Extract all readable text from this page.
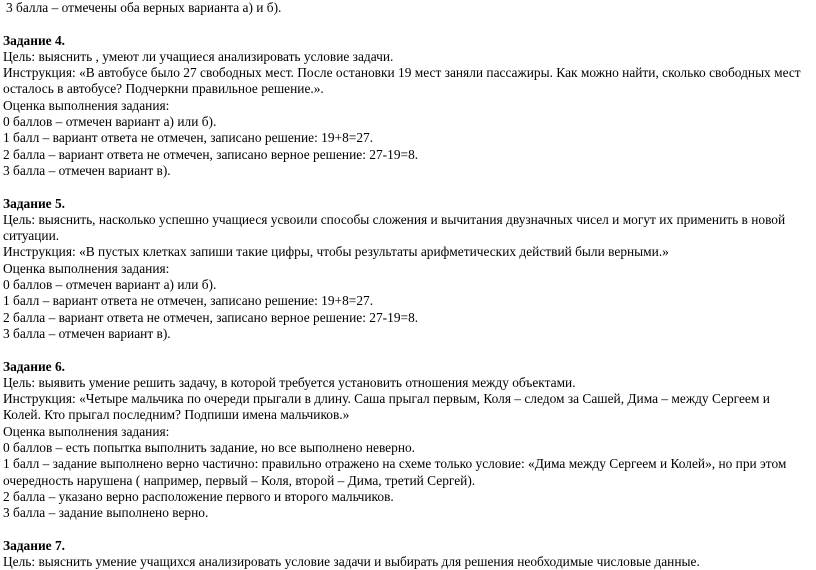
3 балла – отмечены оба верных варианта а) и б).
Задание 4.
Цель: выяснить , умеют ли учащиеся анализировать условие задачи.
Инструкция: «В автобусе было 27 свободных мест. После остановки 19 мест заняли пассажиры. Как можно найти, сколько свободных мест осталось в автобусе? Подчеркни правильное решение.».
Оценка выполнения задания:
0 баллов – отмечен вариант а) или б).
1 балл – вариант ответа не отмечен, записано решение: 19+8=27.
2 балла – вариант ответа не отмечен, записано верное решение: 27-19=8.
3 балла – отмечен вариант в).
Задание 5.
Цель: выяснить, насколько успешно учащиеся усвоили способы сложения и вычитания двузначных чисел и могут их применить в новой ситуации.
Инструкция: «В пустых клетках запиши такие цифры, чтобы результаты арифметических действий были верными.»
Оценка выполнения задания:
0 баллов – отмечен вариант а) или б).
1 балл – вариант ответа не отмечен, записано решение: 19+8=27.
2 балла – вариант ответа не отмечен, записано верное решение: 27-19=8.
3 балла – отмечен вариант в).
Задание 6.
Цель: выявить умение решить задачу, в которой требуется установить отношения между объектами.
Инструкция: «Четыре мальчика по очереди прыгали в длину. Саша прыгал первым, Коля – следом за Сашей, Дима – между Сергеем и Колей. Кто прыгал последним? Подпиши имена мальчиков.»
Оценка выполнения задания:
0 баллов – есть попытка выполнить задание, но все выполнено неверно.
1 балл – задание выполнено верно частично: правильно отражено на схеме только условие: «Дима между Сергеем и Колей», но при этом очередность нарушена ( например, первый – Коля, второй – Дима, третий Сергей).
2 балла – указано верно расположение первого и второго мальчиков.
3 балла – задание выполнено верно.
Задание 7.
Цель: выяснить умение учащихся анализировать условие задачи и выбирать для решения необходимые числовые данные.
